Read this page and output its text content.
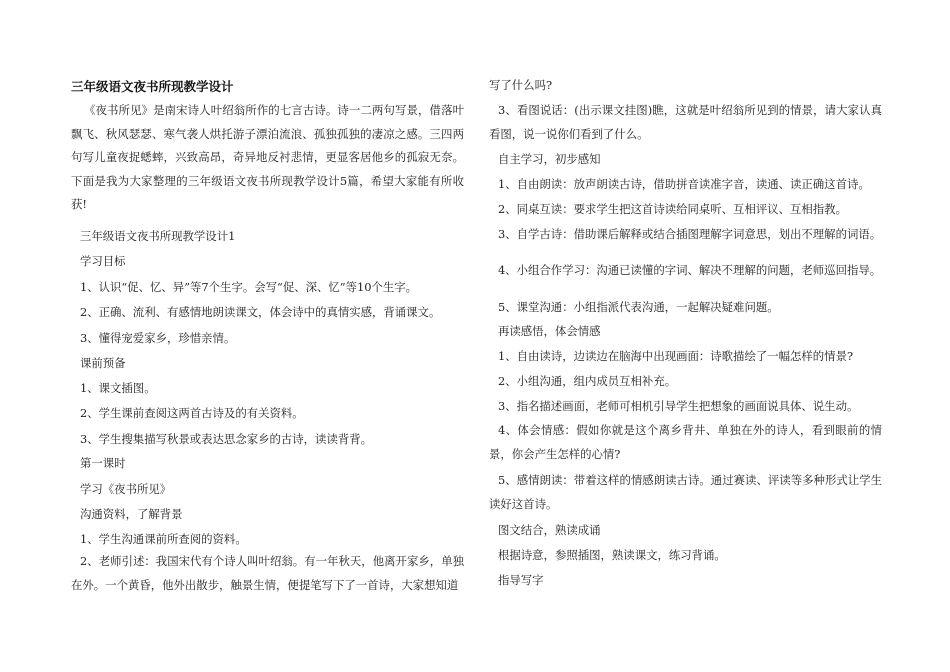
三年级语文夜书所现教学设计

《夜书所见》是南宋诗人叶绍翁所作的七言古诗。诗一二两句写景，借落叶飘飞、秋风瑟瑟、寒气袭人烘托游子漂泊流浪、孤独孤独的凄凉之感。三四两句写儿童夜捉蟋蟀，兴致高昂，奇异地反衬悲情，更显客居他乡的孤寂无奈。下面是我为大家整理的三年级语文夜书所现教学设计5篇，希望大家能有所收获!

三年级语文夜书所现教学设计1

学习目标

1、认识“促、忆、异”等7个生字。会写“促、深、忆”等10个生字。

2、正确、流利、有感情地朗读课文，体会诗中的真情实感，背诵课文。

3、懂得宠爱家乡，珍惜亲情。

课前预备

1、课文插图。

2、学生课前查阅这两首古诗及的有关资料。

3、学生搜集描写秋景或表达思念家乡的古诗，读读背背。

第一课时

学习《夜书所见》

沟通资料，了解背景

1、学生沟通课前所查阅的资料。

2、老师引述：我国宋代有个诗人叫叶绍翁。有一年秋天，他离开家乡，单独在外。一个黄昏，他外出散步，触景生情，便提笔写下了一首诗，大家想知道

写了什么吗?

3、看图说话：(出示课文挂图)瞧，这就是叶绍翁所见到的情景，请大家认真看图，说一说你们看到了什么。

自主学习，初步感知

1、自由朗读：放声朗读古诗，借助拼音读准字音，读通、读正确这首诗。

2、同桌互读：要求学生把这首诗读给同桌听、互相评议、互相指教。

3、自学古诗：借助课后解释或结合插图理解字词意思，划出不理解的词语。

4、小组合作学习：沟通已读懂的字词、解决不理解的问题，老师巡回指导。

5、课堂沟通：小组指派代表沟通，一起解决疑难问题。

再读感悟，体会情感

1、自由读诗，边读边在脑海中出现画面：诗歌描绘了一幅怎样的情景?

2、小组沟通，组内成员互相补充。

3、指名描述画面，老师可相机引导学生把想象的画面说具体、说生动。

4、体会情感：假如你就是这个离乡背井、单独在外的诗人，看到眼前的情景，你会产生怎样的心情?

5、感情朗读：带着这样的情感朗读古诗。通过赛读、评读等多种形式让学生读好这首诗。

图文结合，熟读成诵

根据诗意，参照插图，熟读课文，练习背诵。

指导写字
